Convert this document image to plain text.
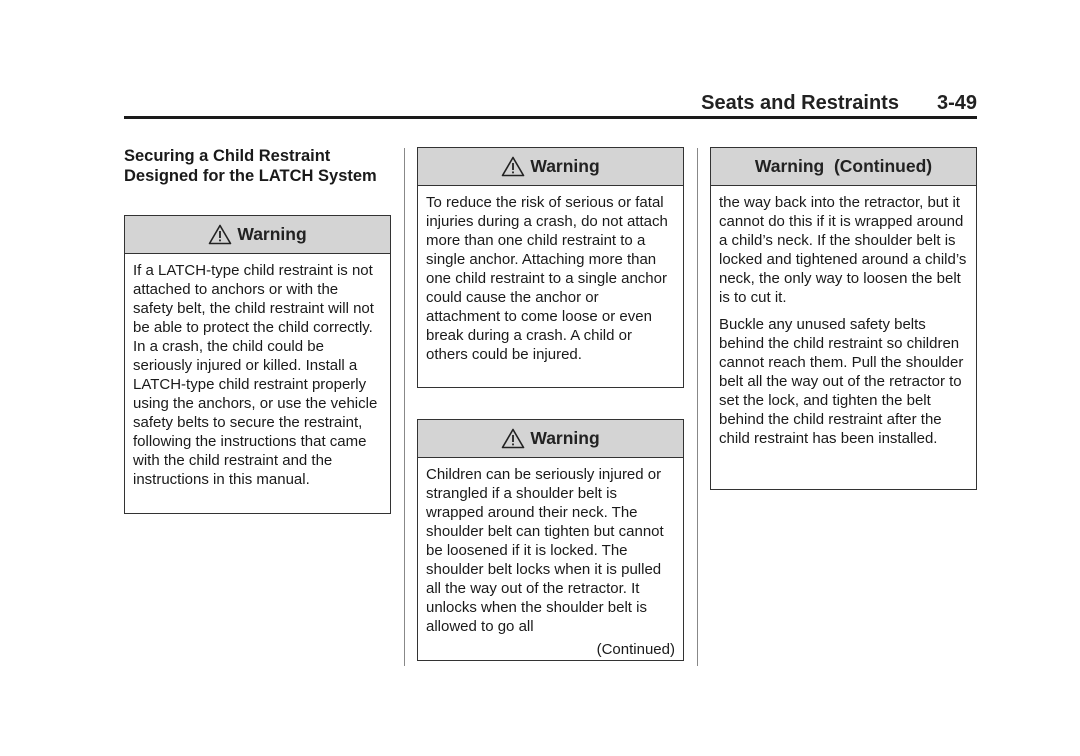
Seats and Restraints 3-49
Securing a Child Restraint Designed for the LATCH System
Warning

If a LATCH-type child restraint is not attached to anchors or with the safety belt, the child restraint will not be able to protect the child correctly. In a crash, the child could be seriously injured or killed. Install a LATCH-type child restraint properly using the anchors, or use the vehicle safety belts to secure the restraint, following the instructions that came with the child restraint and the instructions in this manual.

Warning

To reduce the risk of serious or fatal injuries during a crash, do not attach more than one child restraint to a single anchor. Attaching more than one child restraint to a single anchor could cause the anchor or attachment to come loose or even break during a crash. A child or others could be injured.

Warning

Children can be seriously injured or strangled if a shoulder belt is wrapped around their neck. The shoulder belt can tighten but cannot be loosened if it is locked. The shoulder belt locks when it is pulled all the way out of the retractor. It unlocks when the shoulder belt is allowed to go all

(Continued)
Warning  (Continued)

the way back into the retractor, but it cannot do this if it is wrapped around a child’s neck. If the shoulder belt is locked and tightened around a child’s neck, the only way to loosen the belt is to cut it.

Buckle any unused safety belts behind the child restraint so children cannot reach them. Pull the shoulder belt all the way out of the retractor to set the lock, and tighten the belt behind the child restraint after the child restraint has been installed.
